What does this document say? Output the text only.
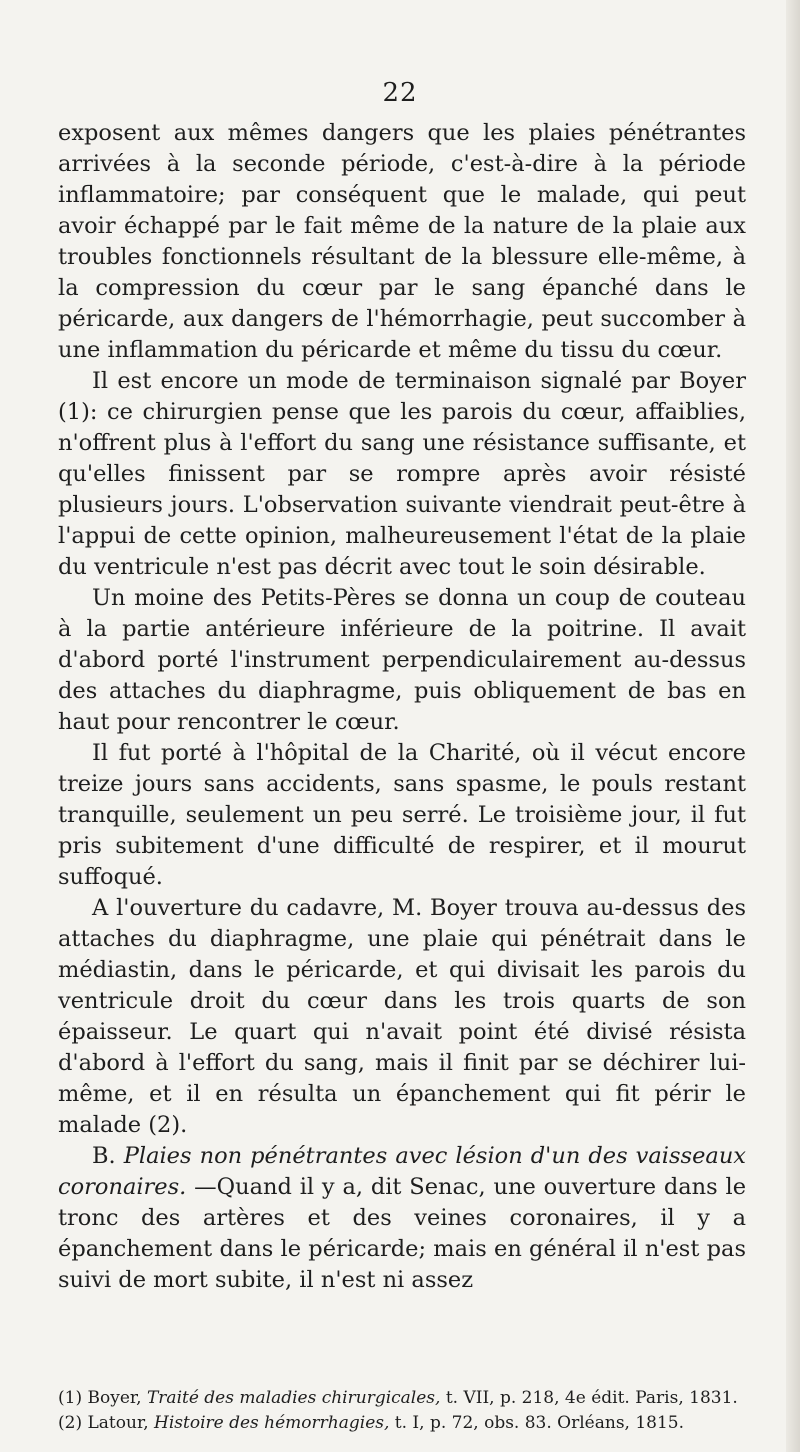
22

exposent aux mêmes dangers que les plaies pénétrantes arrivées à la seconde période, c'est-à-dire à la période inflammatoire; par conséquent que le malade, qui peut avoir échappé par le fait même de la nature de la plaie aux troubles fonctionnels résultant de la blessure elle-même, à la compression du cœur par le sang épanché dans le péricarde, aux dangers de l'hémorrhagie, peut succomber à une inflammation du péricarde et même du tissu du cœur.

Il est encore un mode de terminaison signalé par Boyer (1): ce chirurgien pense que les parois du cœur, affaiblies, n'offrent plus à l'effort du sang une résistance suffisante, et qu'elles finissent par se rompre après avoir résisté plusieurs jours. L'observation suivante viendrait peut-être à l'appui de cette opinion, malheureusement l'état de la plaie du ventricule n'est pas décrit avec tout le soin désirable.

Un moine des Petits-Pères se donna un coup de couteau à la partie antérieure inférieure de la poitrine. Il avait d'abord porté l'instrument perpendiculairement au-dessus des attaches du diaphragme, puis obliquement de bas en haut pour rencontrer le cœur.

Il fut porté à l'hôpital de la Charité, où il vécut encore treize jours sans accidents, sans spasme, le pouls restant tranquille, seulement un peu serré. Le troisième jour, il fut pris subitement d'une difficulté de respirer, et il mourut suffoqué.

A l'ouverture du cadavre, M. Boyer trouva au-dessus des attaches du diaphragme, une plaie qui pénétrait dans le médiastin, dans le péricarde, et qui divisait les parois du ventricule droit du cœur dans les trois quarts de son épaisseur. Le quart qui n'avait point été divisé résista d'abord à l'effort du sang, mais il finit par se déchirer lui-même, et il en résulta un épanchement qui fit périr le malade (2).

B. Plaies non pénétrantes avec lésion d'un des vaisseaux coronaires. —Quand il y a, dit Senac, une ouverture dans le tronc des artères et des veines coronaires, il y a épanchement dans le péricarde; mais en général il n'est pas suivi de mort subite, il n'est ni assez

(1) Boyer, Traité des maladies chirurgicales, t. VII, p. 218, 4e édit. Paris, 1831.

(2) Latour, Histoire des hémorrhagies, t. I, p. 72, obs. 83. Orléans, 1815.
